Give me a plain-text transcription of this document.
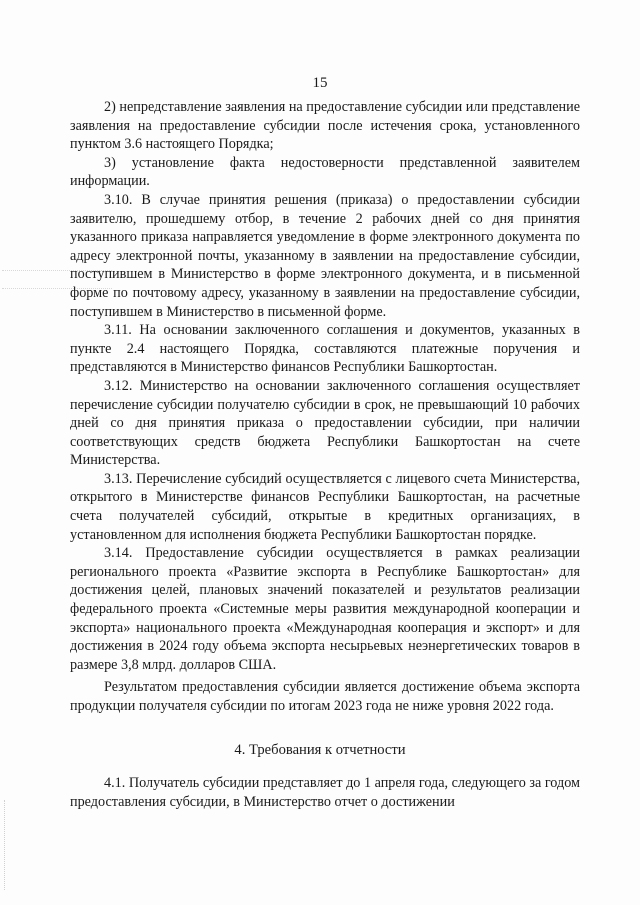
15

2) непредставление заявления на предоставление субсидии или представление заявления на предоставление субсидии после истечения срока, установленного пунктом 3.6 настоящего Порядка;

3) установление факта недостоверности представленной заявителем информации.

3.10. В случае принятия решения (приказа) о предоставлении субсидии заявителю, прошедшему отбор, в течение 2 рабочих дней со дня принятия указанного приказа направляется уведомление в форме электронного документа по адресу электронной почты, указанному в заявлении на предоставление субсидии, поступившем в Министерство в форме электронного документа, и в письменной форме по почтовому адресу, указанному в заявлении на предоставление субсидии, поступившем в Министерство в письменной форме.

3.11. На основании заключенного соглашения и документов, указанных в пункте 2.4 настоящего Порядка, составляются платежные поручения и представляются в Министерство финансов Республики Башкортостан.

3.12. Министерство на основании заключенного соглашения осуществляет перечисление субсидии получателю субсидии в срок, не превышающий 10 рабочих дней со дня принятия приказа о предоставлении субсидии, при наличии соответствующих средств бюджета Республики Башкортостан на счете Министерства.

3.13. Перечисление субсидий осуществляется с лицевого счета Министерства, открытого в Министерстве финансов Республики Башкортостан, на расчетные счета получателей субсидий, открытые в кредитных организациях, в установленном для исполнения бюджета Республики Башкортостан порядке.

3.14. Предоставление субсидии осуществляется в рамках реализации регионального проекта «Развитие экспорта в Республике Башкортостан» для достижения целей, плановых значений показателей и результатов реализации федерального проекта «Системные меры развития международной кооперации и экспорта» национального проекта «Международная кооперация и экспорт» и для достижения в 2024 году объема экспорта несырьевых неэнергетических товаров в размере 3,8 млрд. долларов США.

Результатом предоставления субсидии является достижение объема экспорта продукции получателя субсидии по итогам 2023 года не ниже уровня 2022 года.

4. Требования к отчетности

4.1. Получатель субсидии представляет до 1 апреля года, следующего за годом предоставления субсидии, в Министерство отчет о достижении
